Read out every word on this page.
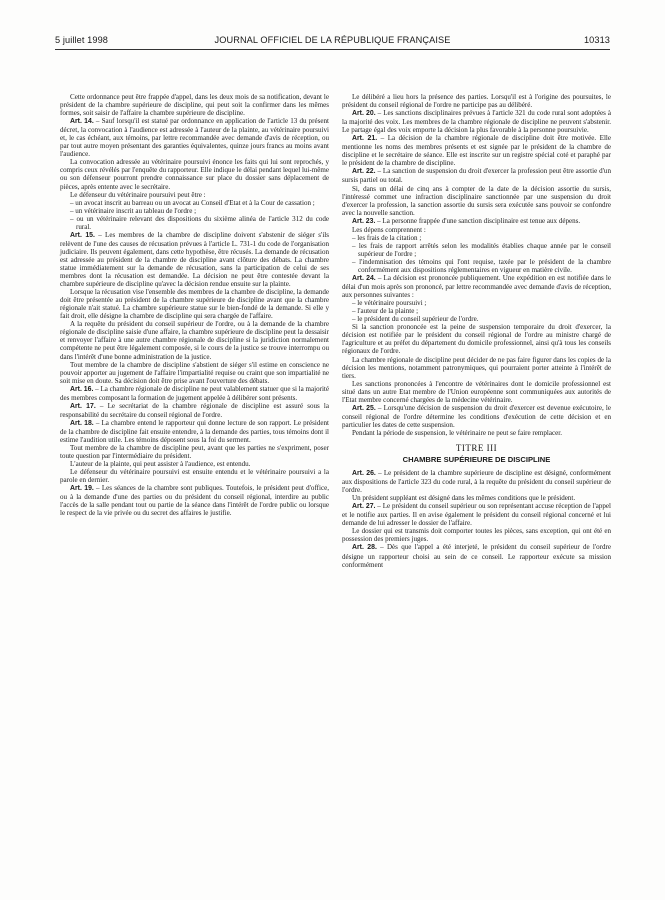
5 juillet 1998	JOURNAL OFFICIEL DE LA RÉPUBLIQUE FRANÇAISE	10313

Cette ordonnance peut être frappée d'appel, dans les deux mois de sa notification, devant le président de la chambre supérieure de discipline, qui peut soit la confirmer dans les mêmes formes, soit saisir de l'affaire la chambre supérieure de discipline.

Art. 14. – Sauf lorsqu'il est statué par ordonnance en application de l'article 13 du présent décret, la convocation à l'audience est adressée à l'auteur de la plainte, au vétérinaire poursuivi et, le cas échéant, aux témoins, par lettre recommandée avec demande d'avis de réception, ou par tout autre moyen présentant des garanties équivalentes, quinze jours francs au moins avant l'audience.

La convocation adressée au vétérinaire poursuivi énonce les faits qui lui sont reprochés, y compris ceux révélés par l'enquête du rapporteur. Elle indique le délai pendant lequel lui-même ou son défenseur pourront prendre connaissance sur place du dossier sans déplacement de pièces, après entente avec le secrétaire.

Le défenseur du vétérinaire poursuivi peut être :

– un avocat inscrit au barreau ou un avocat au Conseil d'Etat et à la Cour de cassation ;
– un vétérinaire inscrit au tableau de l'ordre ;
– ou un vétérinaire relevant des dispositions du sixième alinéa de l'article 312 du code rural.

Art. 15. – Les membres de la chambre de discipline doivent s'abstenir de siéger s'ils relèvent de l'une des causes de récusation prévues à l'article L. 731-1 du code de l'organisation judiciaire. Ils peuvent également, dans cette hypothèse, être récusés. La demande de récusation est adressée au président de la chambre de discipline avant clôture des débats. La chambre statue immédiatement sur la demande de récusation, sans la participation de celui de ses membres dont la récusation est demandée. La décision ne peut être contestée devant la chambre supérieure de discipline qu'avec la décision rendue ensuite sur la plainte.

Lorsque la récusation vise l'ensemble des membres de la chambre de discipline, la demande doit être présentée au président de la chambre supérieure de discipline avant que la chambre régionale n'ait statué. La chambre supérieure statue sur le bien-fondé de la demande. Si elle y fait droit, elle désigne la chambre de discipline qui sera chargée de l'affaire.

A la requête du président du conseil supérieur de l'ordre, ou à la demande de la chambre régionale de discipline saisie d'une affaire, la chambre supérieure de discipline peut la dessaisir et renvoyer l'affaire à une autre chambre régionale de discipline si la juridiction normalement compétente ne peut être légalement composée, si le cours de la justice se trouve interrompu ou dans l'intérêt d'une bonne administration de la justice.

Tout membre de la chambre de discipline s'abstient de siéger s'il estime en conscience ne pouvoir apporter au jugement de l'affaire l'impartialité requise ou craint que son impartialité ne soit mise en doute. Sa décision doit être prise avant l'ouverture des débats.

Art. 16. – La chambre régionale de discipline ne peut valablement statuer que si la majorité des membres composant la formation de jugement appelée à délibérer sont présents.

Art. 17. – Le secrétariat de la chambre régionale de discipline est assuré sous la responsabilité du secrétaire du conseil régional de l'ordre.

Art. 18. – La chambre entend le rapporteur qui donne lecture de son rapport. Le président de la chambre de discipline fait ensuite entendre, à la demande des parties, tous témoins dont il estime l'audition utile. Les témoins déposent sous la foi du serment.

Tout membre de la chambre de discipline peut, avant que les parties ne s'expriment, poser toute question par l'intermédiaire du président.

L'auteur de la plainte, qui peut assister à l'audience, est entendu.

Le défenseur du vétérinaire poursuivi est ensuite entendu et le vétérinaire poursuivi a la parole en dernier.

Art. 19. – Les séances de la chambre sont publiques. Toutefois, le président peut d'office, ou à la demande d'une des parties ou du président du conseil régional, interdire au public l'accès de la salle pendant tout ou partie de la séance dans l'intérêt de l'ordre public ou lorsque le respect de la vie privée ou du secret des affaires le justifie.

Le délibéré a lieu hors la présence des parties. Lorsqu'il est à l'origine des poursuites, le président du conseil régional de l'ordre ne participe pas au délibéré.

Art. 20. – Les sanctions disciplinaires prévues à l'article 321 du code rural sont adoptées à la majorité des voix. Les membres de la chambre régionale de discipline ne peuvent s'abstenir. Le partage égal des voix emporte la décision la plus favorable à la personne poursuivie.

Art. 21. – La décision de la chambre régionale de discipline doit être motivée. Elle mentionne les noms des membres présents et est signée par le président de la chambre de discipline et le secrétaire de séance. Elle est inscrite sur un registre spécial coté et paraphé par le président de la chambre de discipline.

Art. 22. – La sanction de suspension du droit d'exercer la profession peut être assortie d'un sursis partiel ou total.

Si, dans un délai de cinq ans à compter de la date de la décision assortie du sursis, l'intéressé commet une infraction disciplinaire sanctionnée par une suspension du droit d'exercer la profession, la sanction assortie du sursis sera exécutée sans pouvoir se confondre avec la nouvelle sanction.

Art. 23. – La personne frappée d'une sanction disciplinaire est tenue aux dépens.

Les dépens comprennent :

– les frais de la citation ;
– les frais de rapport arrêtés selon les modalités établies chaque année par le conseil supérieur de l'ordre ;
– l'indemnisation des témoins qui l'ont requise, taxée par le président de la chambre conformément aux dispositions réglementaires en vigueur en matière civile.

Art. 24. – La décision est prononcée publiquement. Une expédition en est notifiée dans le délai d'un mois après son prononcé, par lettre recommandée avec demande d'avis de réception, aux personnes suivantes :

– le vétérinaire poursuivi ;
– l'auteur de la plainte ;
– le président du conseil supérieur de l'ordre.

Si la sanction prononcée est la peine de suspension temporaire du droit d'exercer, la décision est notifiée par le président du conseil régional de l'ordre au ministre chargé de l'agriculture et au préfet du département du domicile professionnel, ainsi qu'à tous les conseils régionaux de l'ordre.

La chambre régionale de discipline peut décider de ne pas faire figurer dans les copies de la décision les mentions, notamment patronymiques, qui pourraient porter atteinte à l'intérêt de tiers.

Les sanctions prononcées à l'encontre de vétérinaires dont le domicile professionnel est situé dans un autre Etat membre de l'Union européenne sont communiquées aux autorités de l'Etat membre concerné chargées de la médecine vétérinaire.

Art. 25. – Lorsqu'une décision de suspension du droit d'exercer est devenue exécutoire, le conseil régional de l'ordre détermine les conditions d'exécution de cette décision et en particulier les dates de cette suspension.

Pendant la période de suspension, le vétérinaire ne peut se faire remplacer.

TITRE III
CHAMBRE SUPÉRIEURE DE DISCIPLINE

Art. 26. – Le président de la chambre supérieure de discipline est désigné, conformément aux dispositions de l'article 323 du code rural, à la requête du président du conseil supérieur de l'ordre.

Un président suppléant est désigné dans les mêmes conditions que le président.

Art. 27. – Le président du conseil supérieur ou son représentant accuse réception de l'appel et le notifie aux parties. Il en avise également le président du conseil régional concerné et lui demande de lui adresser le dossier de l'affaire.

Le dossier qui est transmis doit comporter toutes les pièces, sans exception, qui ont été en possession des premiers juges.

Art. 28. – Dès que l'appel a été interjeté, le président du conseil supérieur de l'ordre désigne un rapporteur choisi au sein de ce conseil. Le rapporteur exécute sa mission conformément
